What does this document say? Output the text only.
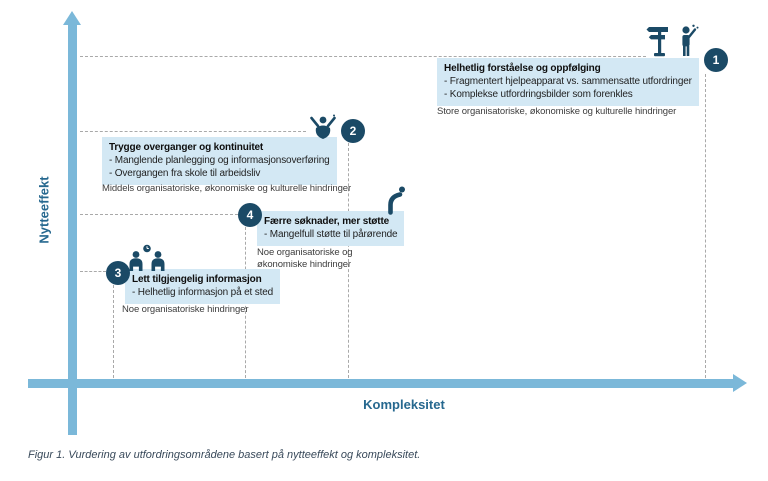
Nytteeffekt
Kompleksitet
1
Helhetlig forståelse og oppfølging
- Fragmentert hjelpeapparat vs. sammensatte utfordringer
- Komplekse utfordringsbilder som forenkles
Store organisatoriske, økonomiske og kulturelle hindringer
2
Trygge overganger og kontinuitet
- Manglende planlegging og informasjonsoverføring
- Overgangen fra skole til arbeidsliv
Middels organisatoriske, økonomiske og kulturelle hindringer
4	Færre søknader, mer støtte
- Mangelfull støtte til pårørende
Noe organisatoriske og økonomiske hindringer
3	Lett tilgjengelig informasjon
- Helhetlig informasjon på et sted
Noe organisatoriske hindringer
Figur 1. Vurdering av utfordringsområdene basert på nytteeffekt og kompleksitet.
